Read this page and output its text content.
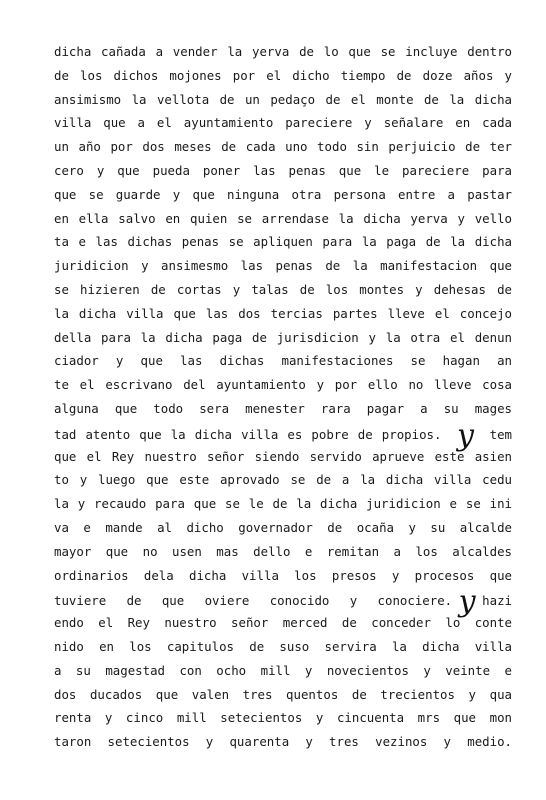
dicha cañada a vender la yerva de lo que se incluye dentro
de los dichos mojones por el dicho tiempo de doze años y
ansimismo la vellota de un pedaço de el monte de la dicha
villa que a el ayuntamiento pareciere y señalare en cada
un año por dos meses de cada uno todo sin perjuicio de ter
cero y que pueda poner las penas que le pareciere para
que se guarde y que ninguna otra persona entre a pastar
en ella salvo en quien se arrendase la dicha yerva y vello
ta e las dichas penas se apliquen para la paga de la dicha
juridicion y ansimesmo las penas de la manifestacion que
se hizieren de cortas y talas de los montes y dehesas de
la dicha villa que las dos tercias partes lleve el concejo
della para la dicha paga de jurisdicion y la otra el denun
ciador y que las dichas manifestaciones se hagan an
te el escrivano del ayuntamiento y por ello no lleve cosa
alguna que todo sera menester rara pagar a su mages
tad atento que la dicha villa es pobre de propios. y tem
que el Rey nuestro señor siendo servido aprueve este asien
to y luego que este aprovado se de a la dicha villa cedu
la y recaudo para que se le de la dicha juridicion e se ini
va e mande al dicho governador de ocaña y su alcalde
mayor que no usen mas dello e remitan a los alcaldes
ordinarios dela dicha villa los presos y procesos que
tuviere de que oviere conocido y conociere. y hazi
endo el Rey nuestro señor merced de conceder lo conte
nido en los capitulos de suso servira la dicha villa
a su magestad con ocho mill y novecientos y veinte e
dos ducados que valen tres quentos de trecientos y qua
renta y cinco mill setecientos y cincuenta mrs que mon
taron setecientos y quarenta y tres vezinos y medio.
